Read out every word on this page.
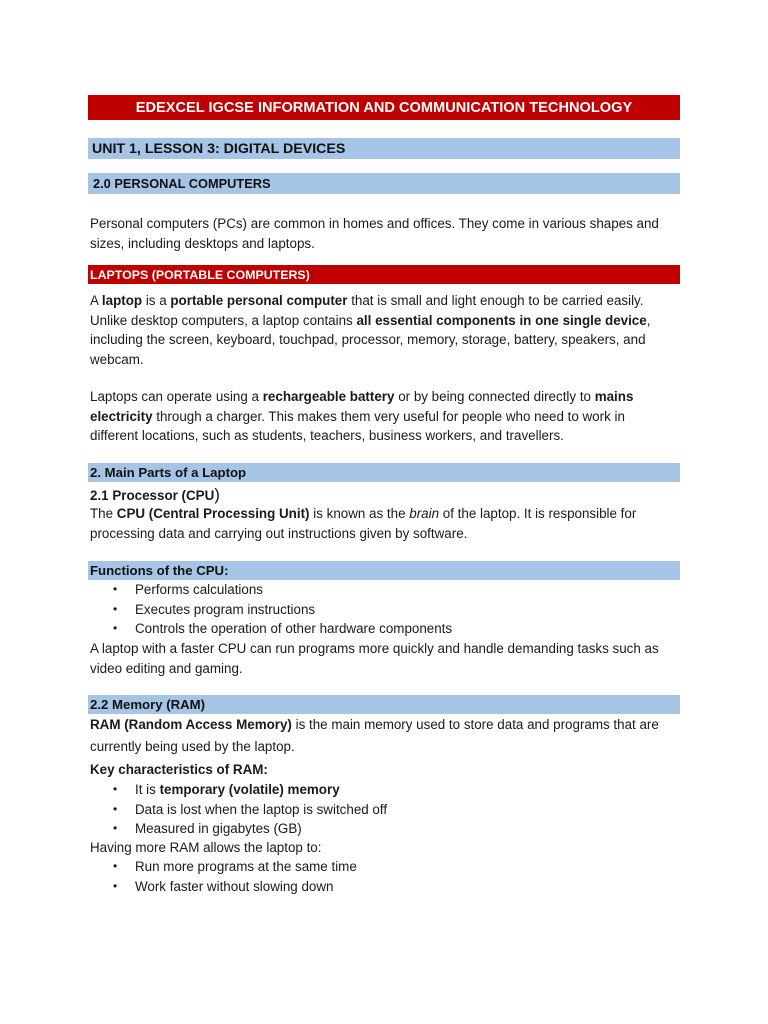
EDEXCEL IGCSE INFORMATION AND COMMUNICATION TECHNOLOGY
UNIT 1, LESSON 3: DIGITAL DEVICES
2.0 PERSONAL COMPUTERS

Personal computers (PCs) are common in homes and offices. They come in various shapes and
sizes, including desktops and laptops.

LAPTOPS (PORTABLE COMPUTERS)

A laptop is a portable personal computer that is small and light enough to be carried easily.
Unlike desktop computers, a laptop contains all essential components in one single device,
including the screen, keyboard, touchpad, processor, memory, storage, battery, speakers, and
webcam.

Laptops can operate using a rechargeable battery or by being connected directly to mains
electricity through a charger. This makes them very useful for people who need to work in
different locations, such as students, teachers, business workers, and travellers.

2. Main Parts of a Laptop

2.1 Processor (CPU)

The CPU (Central Processing Unit) is known as the brain of the laptop. It is responsible for
processing data and carrying out instructions given by software.

Functions of the CPU:
• Performs calculations
• Executes program instructions
• Controls the operation of other hardware components

A laptop with a faster CPU can run programs more quickly and handle demanding tasks such as
video editing and gaming.

2.2 Memory (RAM)

RAM (Random Access Memory) is the main memory used to store data and programs that are
currently being used by the laptop.

Key characteristics of RAM:

• It is temporary (volatile) memory
• Data is lost when the laptop is switched off
• Measured in gigabytes (GB)

Having more RAM allows the laptop to:

• Run more programs at the same time
• Work faster without slowing down
